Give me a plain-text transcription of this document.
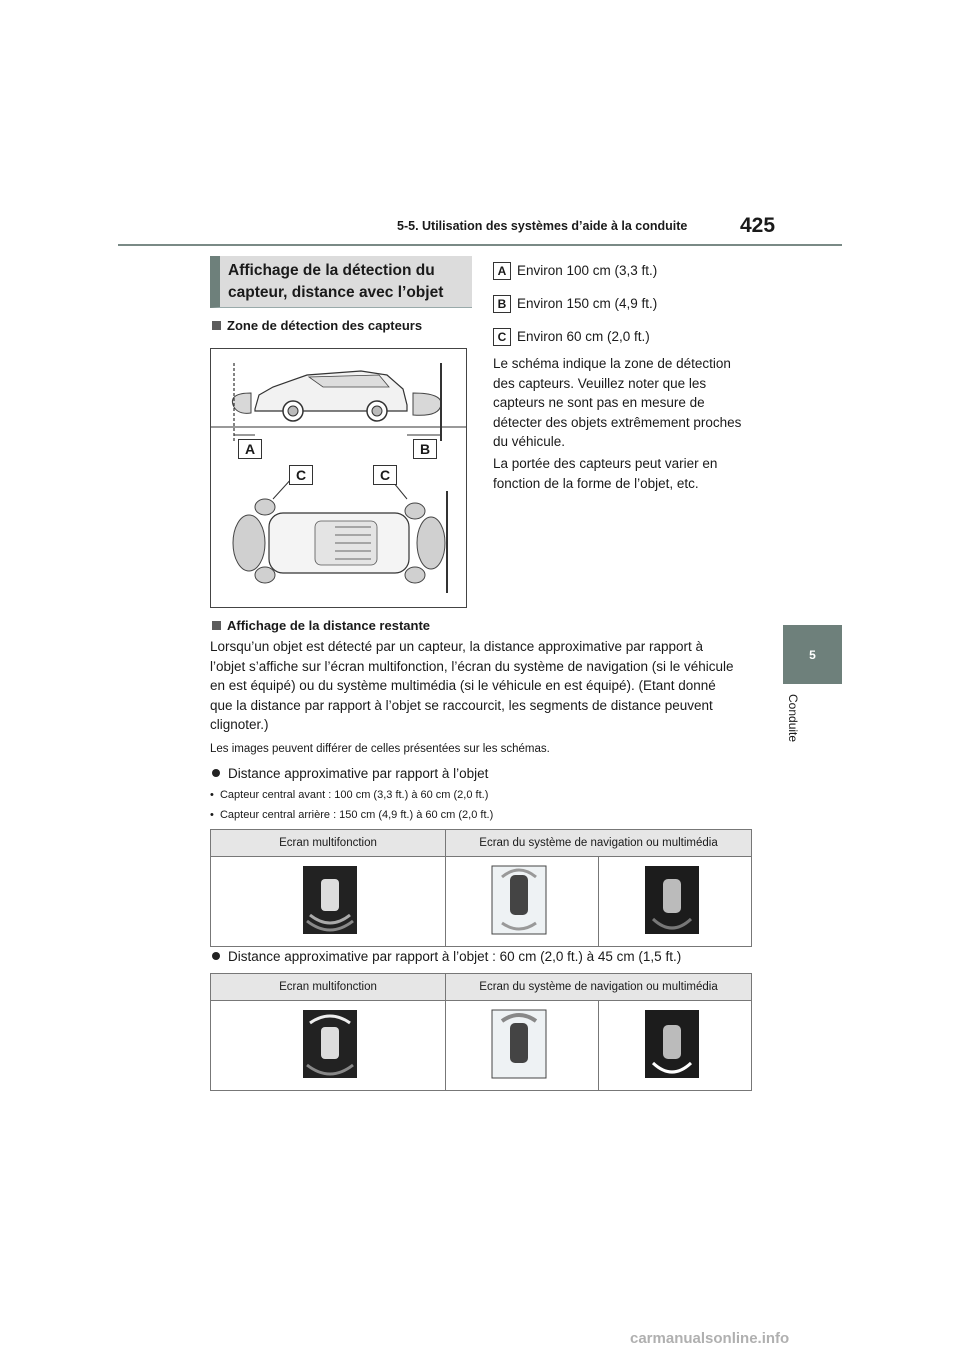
5-5. Utilisation des systèmes d’aide à la conduite	425
5
Conduite
Affichage de la détection du capteur, distance avec l’objet
Zone de détection des capteurs
A	B
C	C
A Environ 100 cm (3,3 ft.)
B Environ 150 cm (4,9 ft.)
C Environ 60 cm (2,0 ft.)
Le schéma indique la zone de détection des capteurs. Veuillez noter que les capteurs ne sont pas en mesure de détecter des objets extrêmement proches du véhicule.
La portée des capteurs peut varier en fonction de la forme de l’objet, etc.
Affichage de la distance restante
Lorsqu’un objet est détecté par un capteur, la distance approximative par rapport à l’objet s’affiche sur l’écran multifonction, l’écran du système de navigation (si le véhicule en est équipé) ou du système multimédia (si le véhicule en est équipé). (Etant donné que la distance par rapport à l’objet se raccourcit, les segments de distance peuvent clignoter.)
Les images peuvent différer de celles présentées sur les schémas.
Distance approximative par rapport à l’objet
•  Capteur central avant : 100 cm (3,3 ft.) à 60 cm (2,0 ft.)
•  Capteur central arrière : 150 cm (4,9 ft.) à 60 cm (2,0 ft.)
Ecran multifonction	Ecran du système de navigation ou multimédia	

Distance approximative par rapport à l’objet : 60 cm (2,0 ft.) à 45 cm (1,5 ft.)
Ecran multifonction	Ecran du système de navigation ou multimédia	

carmanualsonline.info
